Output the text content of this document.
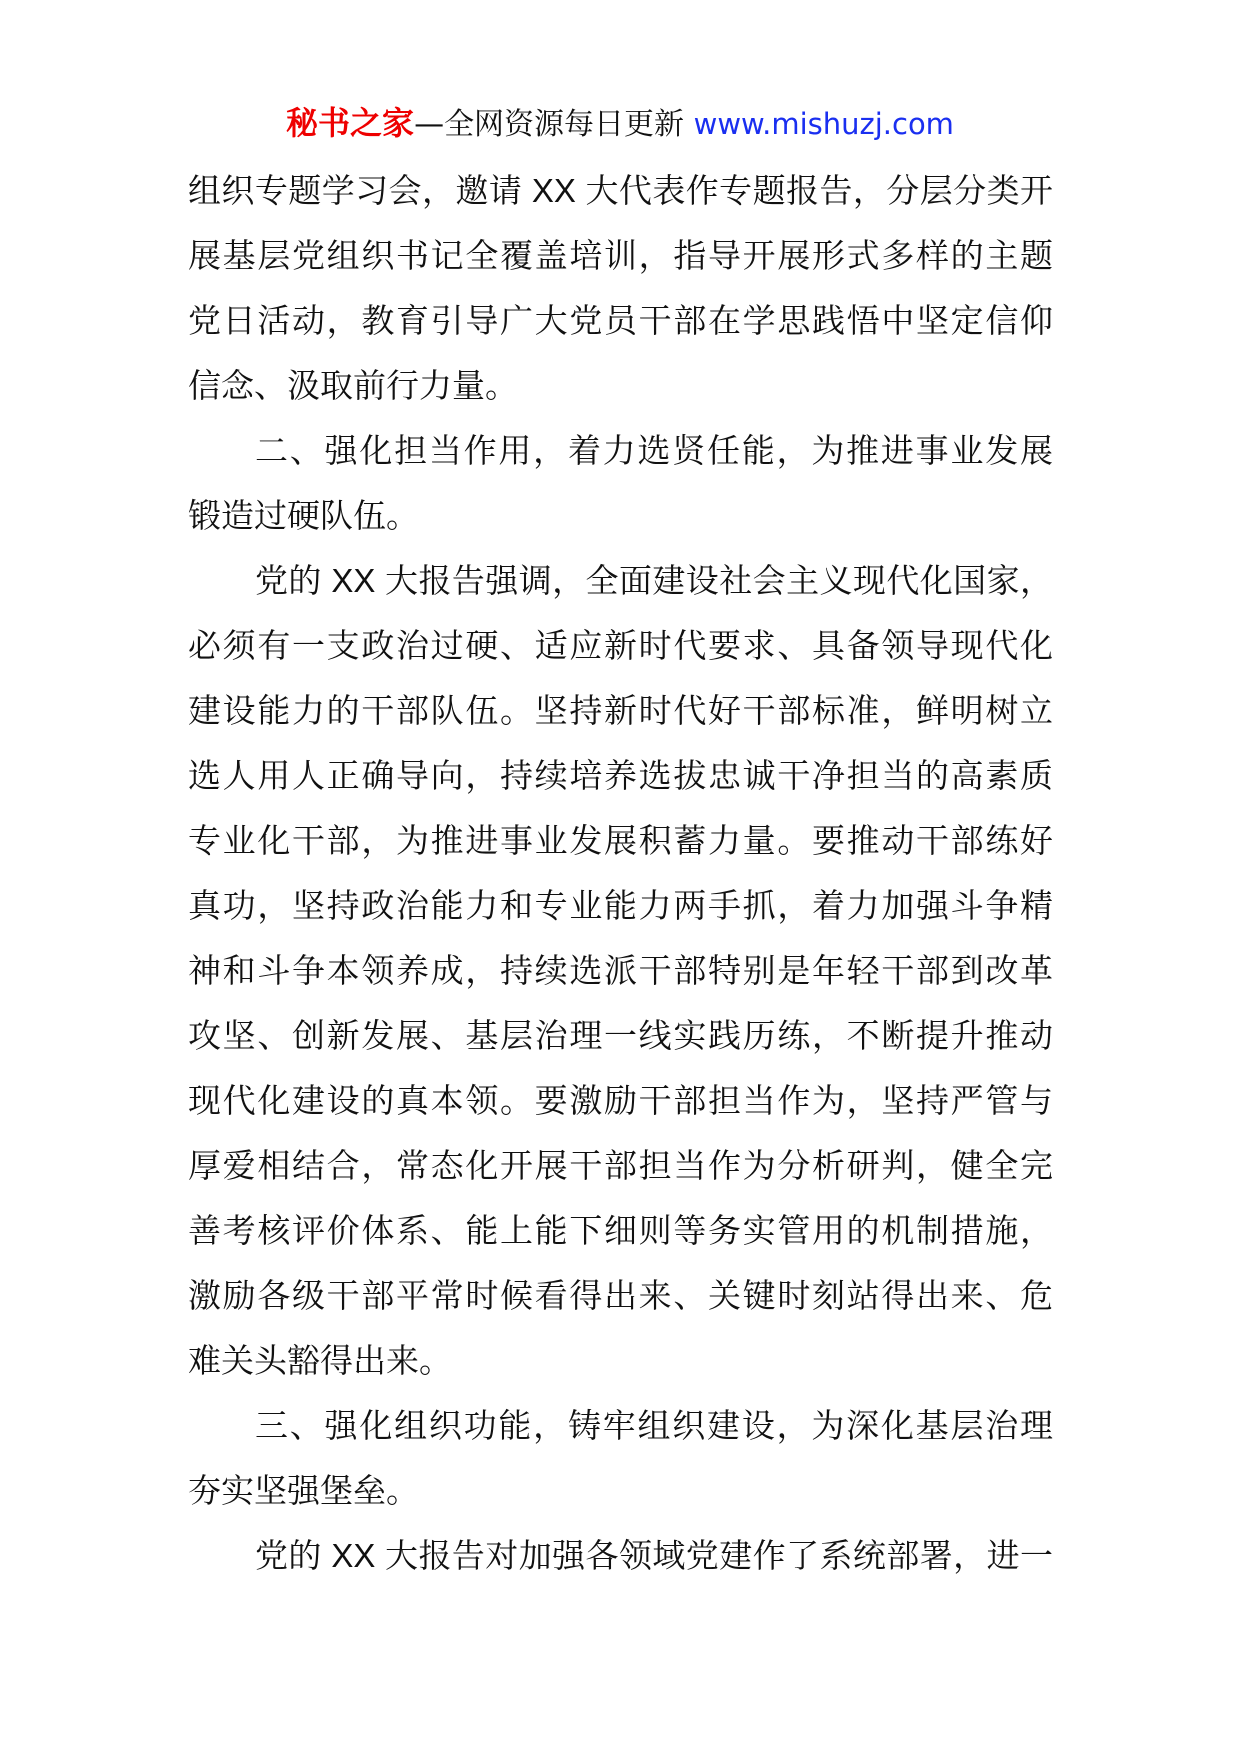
秘书之家—全网资源每日更新 www.mishuzj.com
组织专题学习会，邀请 XX 大代表作专题报告，分层分类开
展基层党组织书记全覆盖培训，指导开展形式多样的主题
党日活动，教育引导广大党员干部在学思践悟中坚定信仰
信念、汲取前行力量。
二、强化担当作用，着力选贤任能，为推进事业发展
锻造过硬队伍。
党的 XX 大报告强调，全面建设社会主义现代化国家，
必须有一支政治过硬、适应新时代要求、具备领导现代化
建设能力的干部队伍。坚持新时代好干部标准，鲜明树立
选人用人正确导向，持续培养选拔忠诚干净担当的高素质
专业化干部，为推进事业发展积蓄力量。要推动干部练好
真功，坚持政治能力和专业能力两手抓，着力加强斗争精
神和斗争本领养成，持续选派干部特别是年轻干部到改革
攻坚、创新发展、基层治理一线实践历练，不断提升推动
现代化建设的真本领。要激励干部担当作为，坚持严管与
厚爱相结合，常态化开展干部担当作为分析研判，健全完
善考核评价体系、能上能下细则等务实管用的机制措施，
激励各级干部平常时候看得出来、关键时刻站得出来、危
难关头豁得出来。
三、强化组织功能，铸牢组织建设，为深化基层治理
夯实坚强堡垒。
党的 XX 大报告对加强各领域党建作了系统部署，进一
